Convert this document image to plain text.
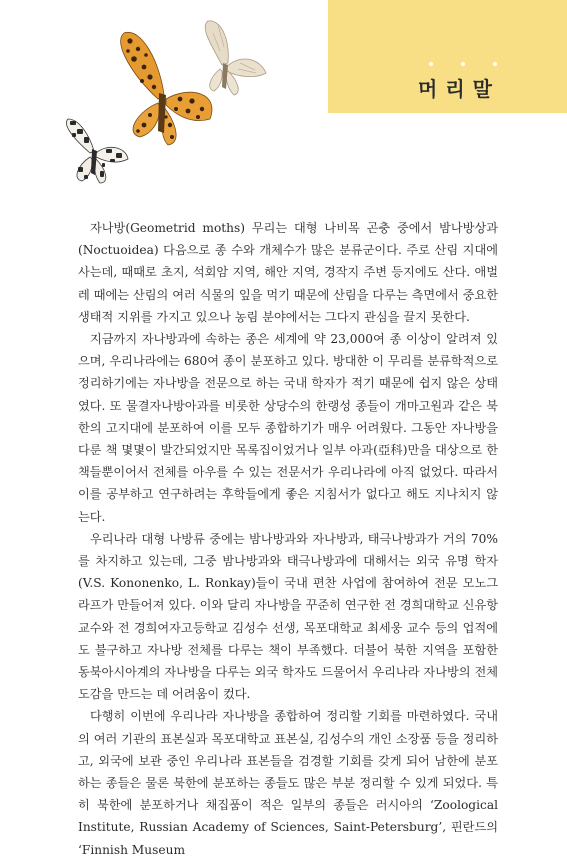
머리말

자나방(Geometrid moths) 무리는 대형 나비목 곤충 중에서 밤나방상과(Noctuoidea) 다음으로 종 수와 개체수가 많은 분류군이다. 주로 산림 지대에 사는데, 때때로 초지, 석회암 지역, 해안 지역, 경작지 주변 등지에도 산다. 애벌레 때에는 산림의 여러 식물의 잎을 먹기 때문에 산림을 다루는 측면에서 중요한 생태적 지위를 가지고 있으나 농림 분야에서는 그다지 관심을 끌지 못한다.

지금까지 자나방과에 속하는 종은 세계에 약 23,000여 종 이상이 알려져 있으며, 우리나라에는 680여 종이 분포하고 있다. 방대한 이 무리를 분류학적으로 정리하기에는 자나방을 전문으로 하는 국내 학자가 적기 때문에 쉽지 않은 상태였다. 또 물결자나방아과를 비롯한 상당수의 한랭성 종들이 개마고원과 같은 북한의 고지대에 분포하여 이를 모두 종합하기가 매우 어려웠다. 그동안 자나방을 다룬 책 몇몇이 발간되었지만 목록집이었거나 일부 아과(亞科)만을 대상으로 한 책들뿐이어서 전체를 아우를 수 있는 전문서가 우리나라에 아직 없었다. 따라서 이를 공부하고 연구하려는 후학들에게 좋은 지침서가 없다고 해도 지나치지 않는다.

우리나라 대형 나방류 중에는 밤나방과와 자나방과, 태극나방과가 거의 70%를 차지하고 있는데, 그중 밤나방과와 태극나방과에 대해서는 외국 유명 학자(V.S. Kononenko, L. Ronkay)들이 국내 편찬 사업에 참여하여 전문 모노그라프가 만들어져 있다. 이와 달리 자나방을 꾸준히 연구한 전 경희대학교 신유항 교수와 전 경희여자고등학교 김성수 선생, 목포대학교 최세웅 교수 등의 업적에도 불구하고 자나방 전체를 다루는 책이 부족했다. 더불어 북한 지역을 포함한 동북아시아계의 자나방을 다루는 외국 학자도 드물어서 우리나라 자나방의 전체 도감을 만드는 데 어려움이 컸다.

다행히 이번에 우리나라 자나방을 종합하여 정리할 기회를 마련하였다. 국내의 여러 기관의 표본실과 목포대학교 표본실, 김성수의 개인 소장품 등을 정리하고, 외국에 보관 중인 우리나라 표본들을 검경할 기회를 갖게 되어 남한에 분포하는 종들은 물론 북한에 분포하는 종들도 많은 부분 정리할 수 있게 되었다. 특히 북한에 분포하거나 채집품이 적은 일부의 종들은 러시아의 ‘Zoological Institute, Russian Academy of Sciences, Saint-Petersburg’, 핀란드의 ‘Finnish Museum
